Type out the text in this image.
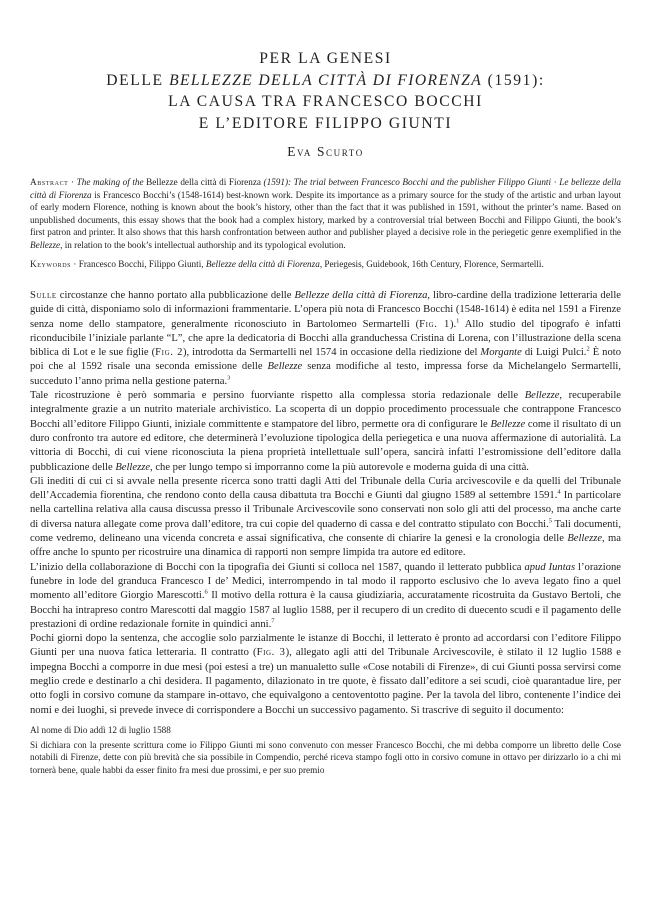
PER LA GENESI
DELLE BELLEZZE DELLA CITTÀ DI FIORENZA (1591):
LA CAUSA TRA FRANCESCO BOCCHI
E L’EDITORE FILIPPO GIUNTI
Eva Scurto
Abstract · The making of the Bellezze della città di Fiorenza (1591): The trial between Francesco Bocchi and the publisher Filippo Giunti · Le bellezze della città di Fiorenza is Francesco Bocchi’s (1548-1614) best-known work. Despite its importance as a primary source for the study of the artistic and urban layout of early modern Florence, nothing is known about the book’s history, other than the fact that it was published in 1591, without the printer’s name. Based on unpublished documents, this essay shows that the book had a complex history, marked by a controversial trial between Bocchi and Filippo Giunti, the book’s first patron and printer. It also shows that this harsh confrontation between author and publisher played a decisive role in the periegetic genre exemplified in the Bellezze, in relation to the book’s intellectual authorship and its typological evolution.
Keywords · Francesco Bocchi, Filippo Giunti, Bellezze della città di Fiorenza, Periegesis, Guidebook, 16th Century, Florence, Sermartelli.

Sulle circostanze che hanno portato alla pubblicazione delle Bellezze della città di Fiorenza, libro-cardine della tradizione letteraria delle guide di città, disponiamo solo di informazioni frammentarie. L’opera più nota di Francesco Bocchi (1548-1614) è edita nel 1591 a Firenze senza nome dello stampatore, generalmente riconosciuto in Bartolomeo Sermartelli (Fig. 1).$^1$ Allo studio del tipografo è infatti riconducibile l’iniziale parlante “L”, che apre la dedicatoria di Bocchi alla granduchessa Cristina di Lorena, con l’illustrazione della scena biblica di Lot e le sue figlie (Fig. 2), introdotta da Sermartelli nel 1574 in occasione della riedizione del Morgante di Luigi Pulci.$^2$ È noto poi che al 1592 risale una seconda emissione delle Bellezze senza modifiche al testo, impressa forse da Michelangelo Sermartelli, succeduto l’anno prima nella gestione paterna.$^3$

Tale ricostruzione è però sommaria e persino fuorviante rispetto alla complessa storia redazionale delle Bellezze, recuperabile integralmente grazie a un nutrito materiale archivistico. La scoperta di un doppio procedimento processuale che contrappone Francesco Bocchi all’editore Filippo Giunti, iniziale committente e stampatore del libro, permette ora di configurare le Bellezze come il risultato di un duro confronto tra autore ed editore, che determinerà l’evoluzione tipologica della periegetica e una nuova affermazione di autorialità. La vittoria di Bocchi, di cui viene riconosciuta la piena proprietà intellettuale sull’opera, sancirà infatti l’estromissione dell’editore dalla pubblicazione delle Bellezze, che per lungo tempo si imporranno come la più autorevole e moderna guida di una città.

Gli inediti di cui ci si avvale nella presente ricerca sono tratti dagli Atti del Tribunale della Curia arcivescovile e da quelli del Tribunale dell’Accademia fiorentina, che rendono conto della causa dibattuta tra Bocchi e Giunti dal giugno 1589 al settembre 1591.$^4$ In particolare nella cartellina relativa alla causa discussa presso il Tribunale Arcivescovile sono conservati non solo gli atti del processo, ma anche carte di diversa natura allegate come prova dall’editore, tra cui copie del quaderno di cassa e del contratto stipulato con Bocchi.$^5$ Tali documenti, come vedremo, delineano una vicenda concreta e assai significativa, che consente di chiarire la genesi e la cronologia delle Bellezze, ma offre anche lo spunto per ricostruire una dinamica di rapporti non sempre limpida tra autore ed editore.

L’inizio della collaborazione di Bocchi con la tipografia dei Giunti si colloca nel 1587, quando il letterato pubblica apud Iuntas l’orazione funebre in lode del granduca Francesco I de’ Medici, interrompendo in tal modo il rapporto esclusivo che lo aveva legato fino a quel momento all’editore Giorgio Marescotti.$^6$ Il motivo della rottura è la causa giudiziaria, accuratamente ricostruita da Gustavo Bertoli, che Bocchi ha intrapreso contro Marescotti dal maggio 1587 al luglio 1588, per il recupero di un credito di duecento scudi e il pagamento delle prestazioni di ordine redazionale fornite in quindici anni.$^7$

Pochi giorni dopo la sentenza, che accoglie solo parzialmente le istanze di Bocchi, il letterato è pronto ad accordarsi con l’editore Filippo Giunti per una nuova fatica letteraria. Il contratto (Fig. 3), allegato agli atti del Tribunale Arcivescovile, è stilato il 12 luglio 1588 e impegna Bocchi a comporre in due mesi (poi estesi a tre) un manualetto sulle «Cose notabili di Firenze», di cui Giunti possa servirsi come meglio crede e destinarlo a chi desidera. Il pagamento, dilazionato in tre quote, è fissato dall’editore a sei scudi, cioè quarantadue lire, per otto fogli in corsivo comune da stampare in-ottavo, che equivalgono a centoventotto pagine. Per la tavola del libro, contenente l’indice dei nomi e dei luoghi, si prevede invece di corrispondere a Bocchi un successivo pagamento. Si trascrive di seguito il documento:

Al nome di Dio addì 12 di luglio 1588

Si dichiara con la presente scrittura come io Filippo Giunti mi sono convenuto con messer Francesco Bocchi, che mi debba comporre un libretto delle Cose notabili di Firenze, dette con più brevità che sia possibile in Compendio, perché riceva stampo fogli otto in corsivo comune in ottavo per dirizzarlo io a chi mi tornerà bene, quale habbi da esser finito fra mesi due prossimi, e per suo premio
